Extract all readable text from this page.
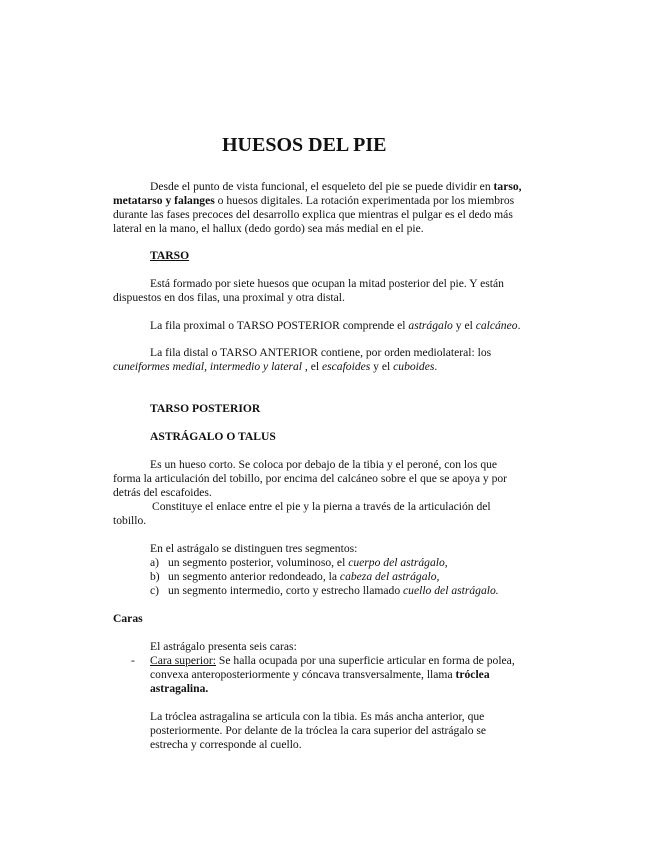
HUESOS DEL PIE
Desde el punto de vista funcional, el esqueleto del pie se puede dividir en tarso,
metatarso y falanges o huesos digitales. La rotación experimentada por los miembros
durante las fases precoces del desarrollo explica que mientras el pulgar es el dedo más
lateral en la mano, el hallux (dedo gordo) sea más medial en el pie.
TARSO
Está formado por siete huesos que ocupan la mitad posterior del pie. Y están
dispuestos en dos filas, una proximal y otra distal.
La fila proximal o TARSO POSTERIOR comprende el astrágalo y el calcáneo.
La fila distal o TARSO ANTERIOR contiene, por orden mediolateral: los
cuneiformes medial, intermedio y lateral , el escafoides y el cuboides.
TARSO POSTERIOR
ASTRÁGALO O TALUS
Es un hueso corto. Se coloca por debajo de la tibia y el peroné, con los que
forma la articulación del tobillo, por encima del calcáneo sobre el que se apoya y por
detrás del escafoides.
Constituye el enlace entre el pie y la pierna a través de la articulación del
tobillo.
En el astrágalo se distinguen tres segmentos:
a) un segmento posterior, voluminoso, el cuerpo del astrágalo,
b) un segmento anterior redondeado, la cabeza del astrágalo,
c) un segmento intermedio, corto y estrecho llamado cuello del astrágalo.
Caras
El astrágalo presenta seis caras:
- Cara superior: Se halla ocupada por una superficie articular en forma de polea,
convexa anteroposteriormente y cóncava transversalmente, llama tróclea
astragalina.
La tróclea astragalina se articula con la tibia. Es más ancha anterior, que
posteriormente. Por delante de la tróclea la cara superior del astrágalo se
estrecha y corresponde al cuello.
